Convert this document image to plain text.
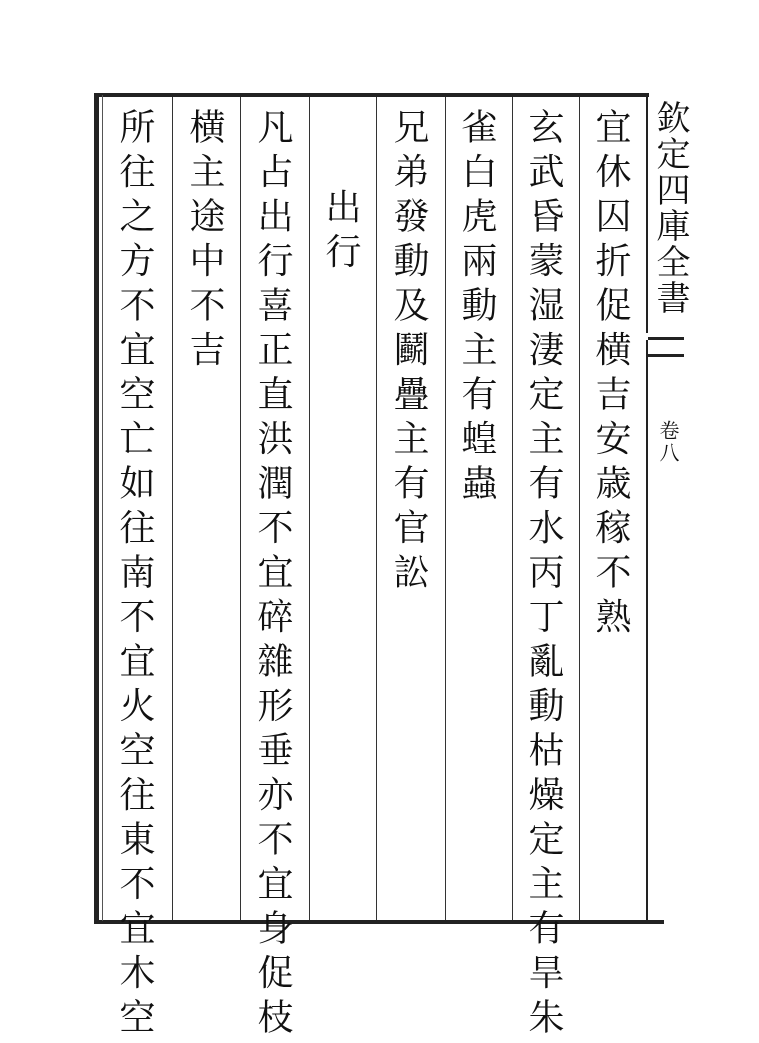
欽定四庫全書
卷八
宜休囚折促横吉安歳稼不熟
玄武昏蒙湿淒定主有水丙丁亂動枯燥定主有旱朱
雀白虎兩動主有蝗蟲
兄弟發動及鬬疊主有官訟
出行
凡占出行喜正直洪潤不宜碎雜形垂亦不宜身促枝
横主途中不吉
所往之方不宜空亡如往南不宜火空往東不宜木空
